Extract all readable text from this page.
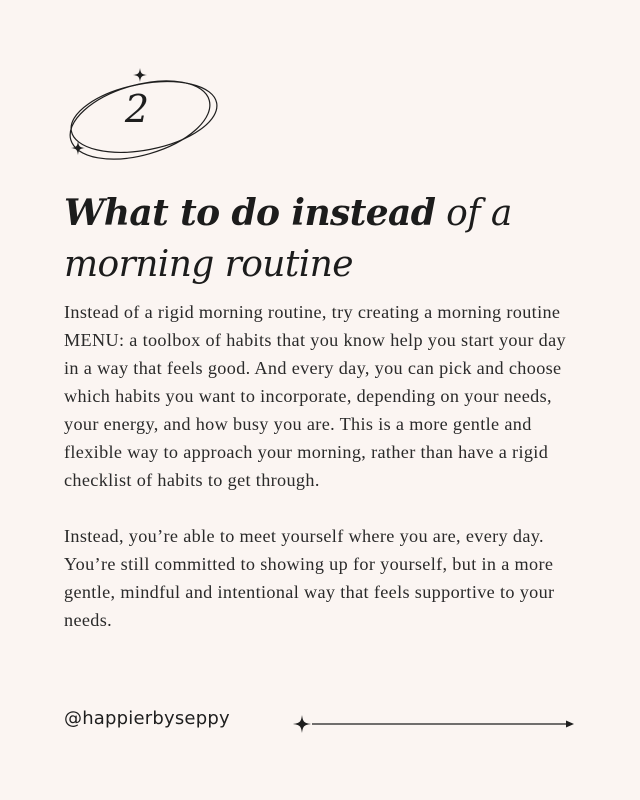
2
What to do instead of a morning routine

Instead of a rigid morning routine, try creating a morning routine MENU: a toolbox of habits that you know help you start your day in a way that feels good. And every day, you can pick and choose which habits you want to incorporate, depending on your needs, your energy, and how busy you are. This is a more gentle and flexible way to approach your morning, rather than have a rigid checklist of habits to get through.

Instead, you’re able to meet yourself where you are, every day. You’re still committed to showing up for yourself, but in a more gentle, mindful and intentional way that feels supportive to your needs.

@happierbyseppy
